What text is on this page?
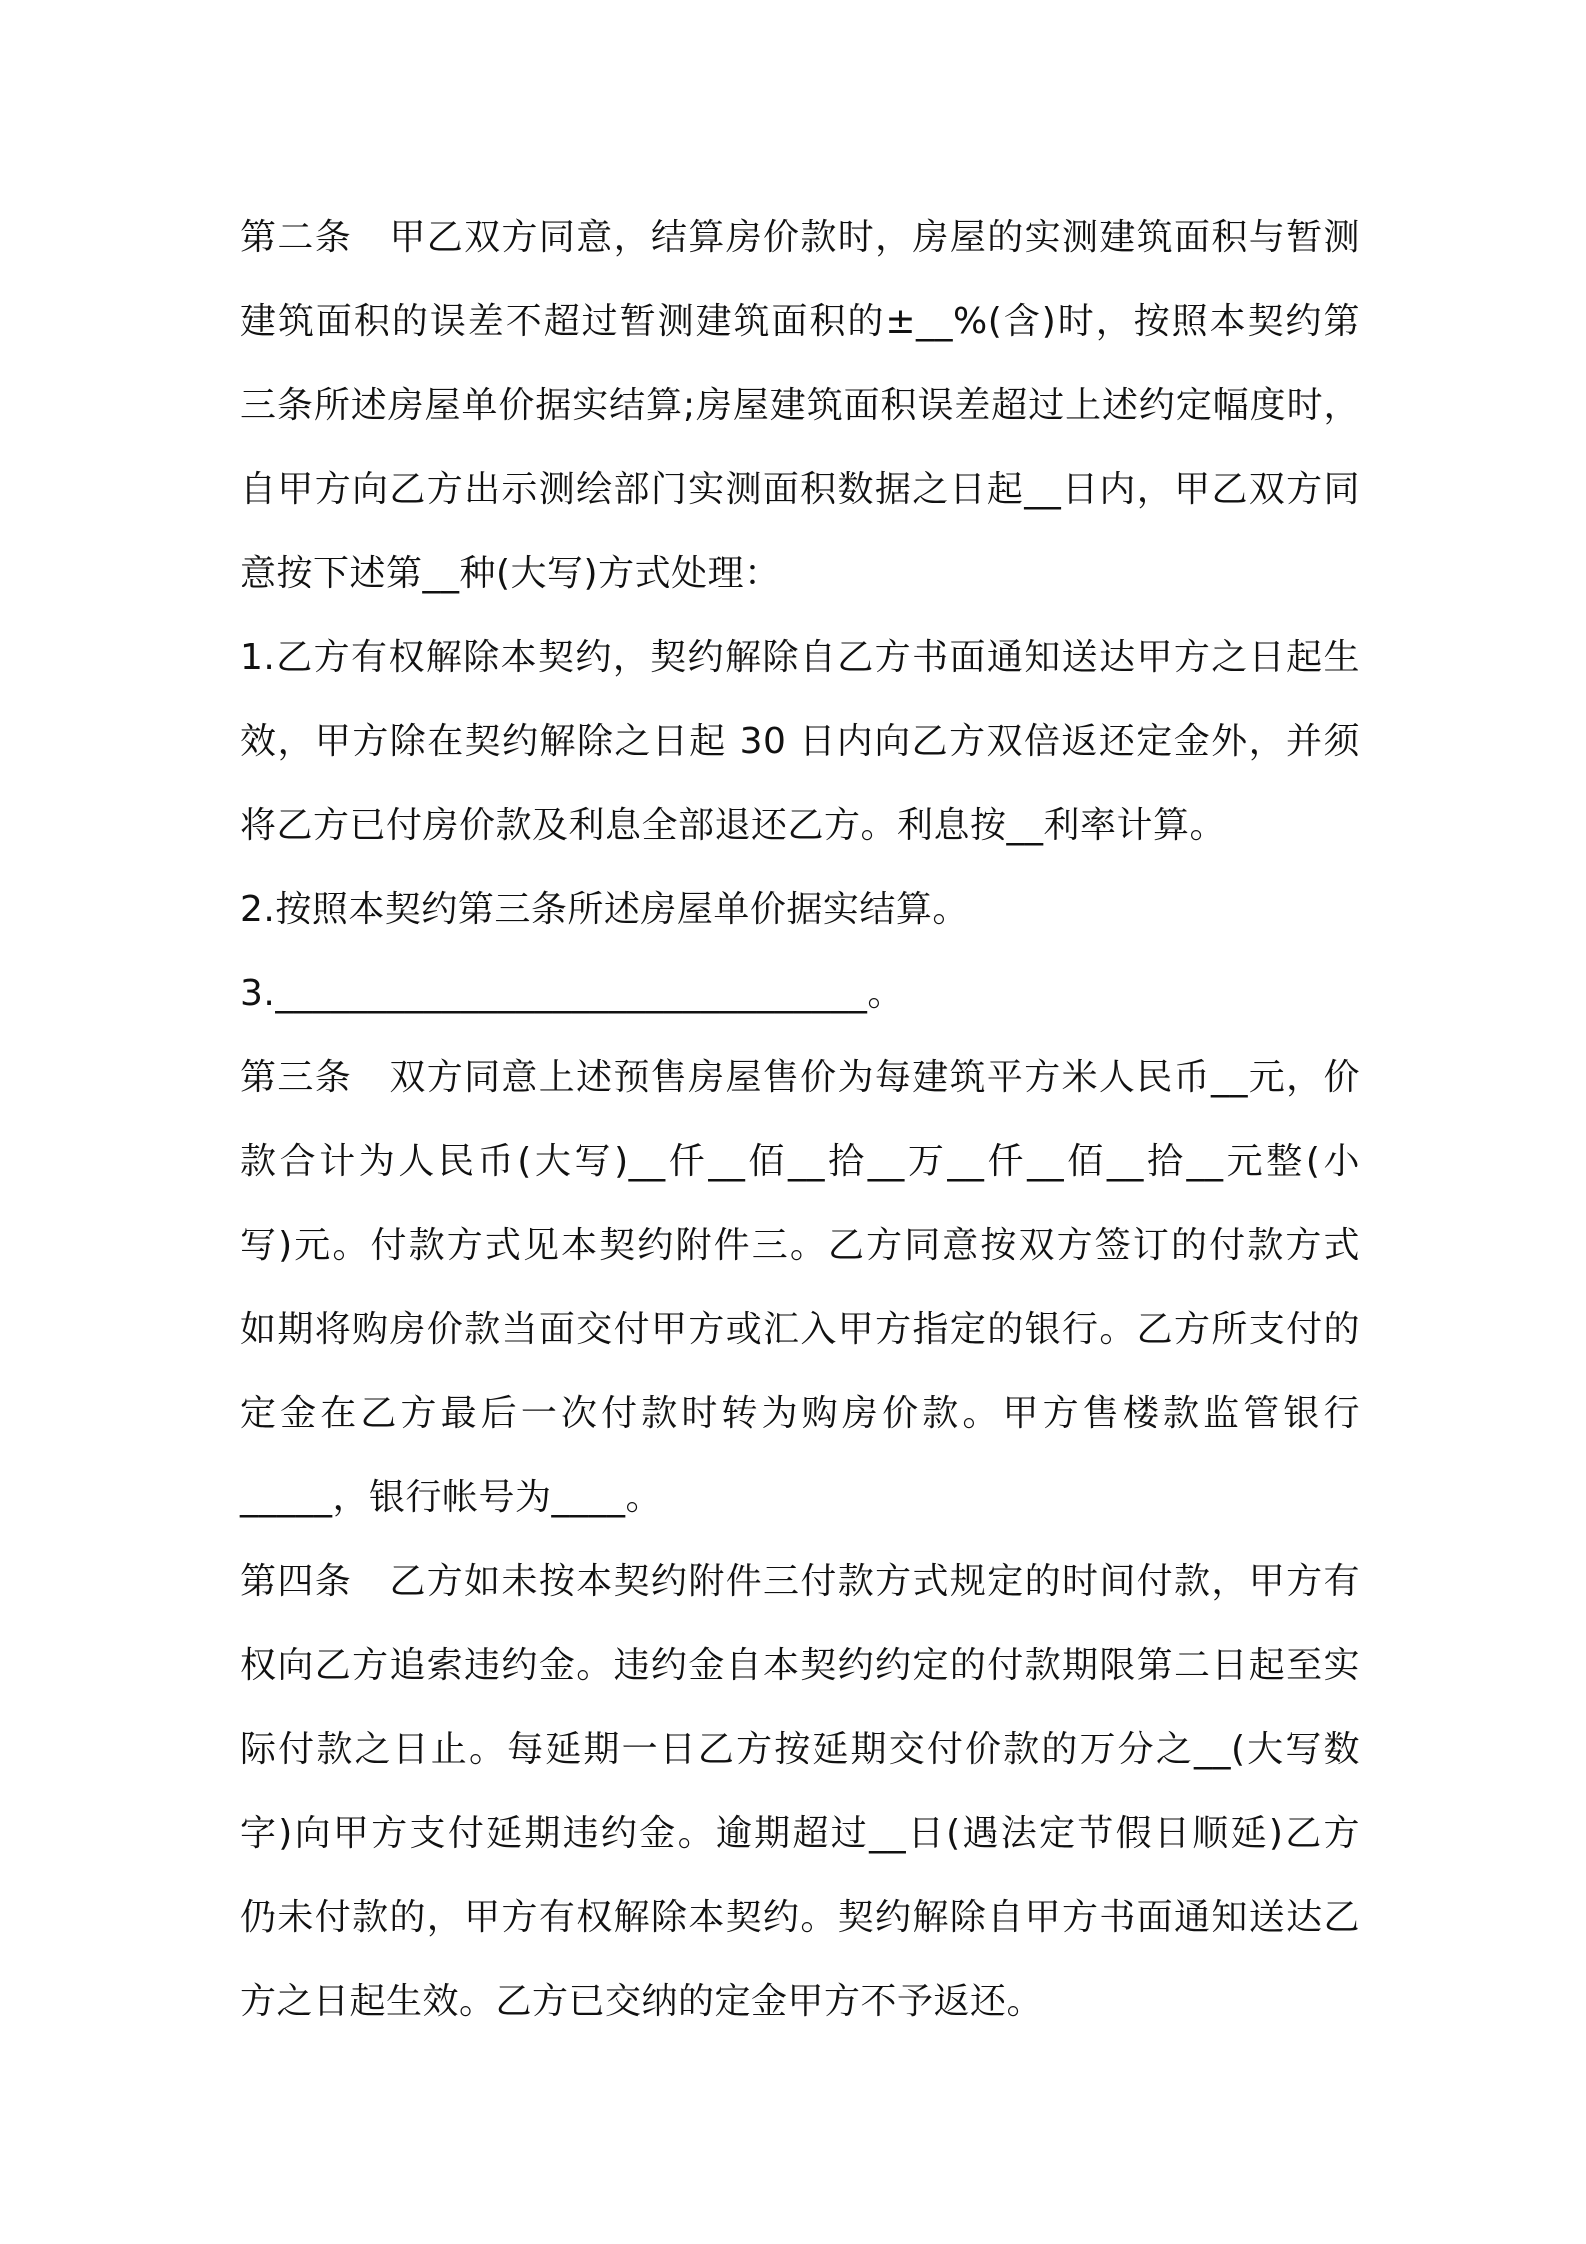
第二条　甲乙双方同意，结算房价款时，房屋的实测建筑面积与暂测
建筑面积的误差不超过暂测建筑面积的±__%(含)时，按照本契约第
三条所述房屋单价据实结算;房屋建筑面积误差超过上述约定幅度时，
自甲方向乙方出示测绘部门实测面积数据之日起__日内，甲乙双方同
意按下述第__种(大写)方式处理：
1.乙方有权解除本契约，契约解除自乙方书面通知送达甲方之日起生
效，甲方除在契约解除之日起 30 日内向乙方双倍返还定金外，并须
将乙方已付房价款及利息全部退还乙方。利息按__利率计算。
2.按照本契约第三条所述房屋单价据实结算。
3.________________________________。
第三条　双方同意上述预售房屋售价为每建筑平方米人民币__元，价
款合计为人民币(大写)__仟__佰__拾__万__仟__佰__拾__元整(小
写)元。付款方式见本契约附件三。乙方同意按双方签订的付款方式
如期将购房价款当面交付甲方或汇入甲方指定的银行。乙方所支付的
定金在乙方最后一次付款时转为购房价款。甲方售楼款监管银行
_____，银行帐号为____。
第四条　乙方如未按本契约附件三付款方式规定的时间付款，甲方有
权向乙方追索违约金。违约金自本契约约定的付款期限第二日起至实
际付款之日止。每延期一日乙方按延期交付价款的万分之__(大写数
字)向甲方支付延期违约金。逾期超过__日(遇法定节假日顺延)乙方
仍未付款的，甲方有权解除本契约。契约解除自甲方书面通知送达乙
方之日起生效。乙方已交纳的定金甲方不予返还。
